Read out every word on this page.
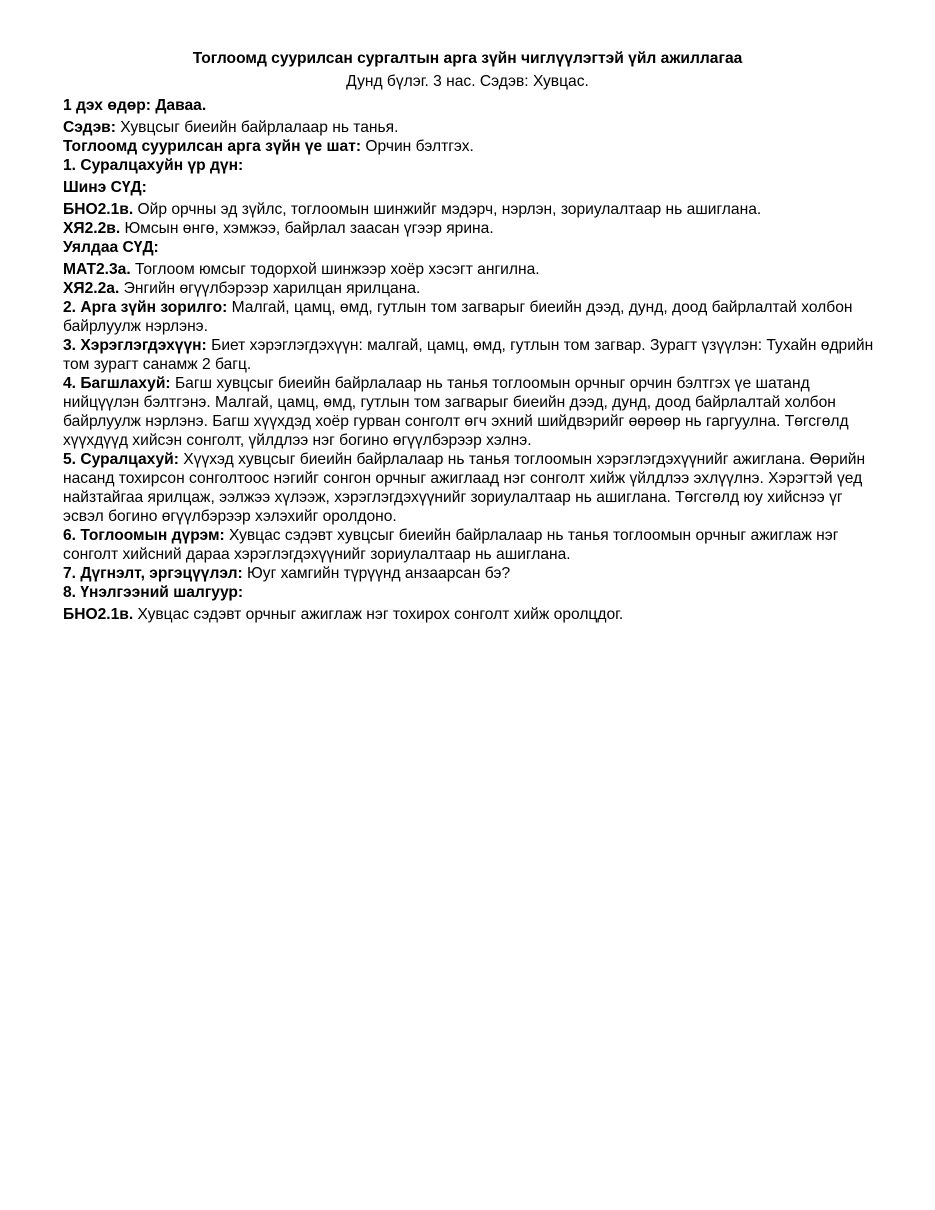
Тоглоомд суурилсан сургалтын арга зүйн чиглүүлэгтэй үйл ажиллагаа
Дунд бүлэг. 3 нас. Сэдэв: Хувцас.

1 дэх өдөр: Даваа.

Сэдэв: Хувцсыг биеийн байрлалаар нь танья.

Тоглоомд суурилсан арга зүйн үе шат: Орчин бэлтгэх.

1. Суралцахуйн үр дүн:

Шинэ СҮД:

БНО2.1в. Ойр орчны эд зүйлс, тоглоомын шинжийг мэдэрч, нэрлэн, зориулалтаар нь ашиглана.

ХЯ2.2в. Юмсын өнгө, хэмжээ, байрлал заасан үгээр ярина.

Уялдаа СҮД:

МАТ2.3а. Тоглоом юмсыг тодорхой шинжээр хоёр хэсэгт ангилна.

ХЯ2.2а. Энгийн өгүүлбэрээр харилцан ярилцана.

2. Арга зүйн зорилго: Малгай, цамц, өмд, гутлын том загварыг биеийн дээд, дунд, доод байрлалтай холбон байрлуулж нэрлэнэ.

3. Хэрэглэгдэхүүн: Биет хэрэглэгдэхүүн: малгай, цамц, өмд, гутлын том загвар. Зурагт үзүүлэн: Тухайн өдрийн том зурагт санамж 2 багц.

4. Багшлахуй: Багш хувцсыг биеийн байрлалаар нь танья тоглоомын орчныг орчин бэлтгэх үе шатанд нийцүүлэн бэлтгэнэ. Малгай, цамц, өмд, гутлын том загварыг биеийн дээд, дунд, доод байрлалтай холбон байрлуулж нэрлэнэ. Багш хүүхдэд хоёр гурван сонголт өгч эхний шийдвэрийг өөрөөр нь гаргуулна. Төгсгөлд хүүхдүүд хийсэн сонголт, үйлдлээ нэг богино өгүүлбэрээр хэлнэ.

5. Суралцахуй: Хүүхэд хувцсыг биеийн байрлалаар нь танья тоглоомын хэрэглэгдэхүүнийг ажиглана. Өөрийн насанд тохирсон сонголтоос нэгийг сонгон орчныг ажиглаад нэг сонголт хийж үйлдлээ эхлүүлнэ. Хэрэгтэй үед найзтайгаа ярилцаж, ээлжээ хүлээж, хэрэглэгдэхүүнийг зориулалтаар нь ашиглана. Төгсгөлд юу хийснээ үг эсвэл богино өгүүлбэрээр хэлэхийг оролдоно.

6. Тоглоомын дүрэм: Хувцас сэдэвт хувцсыг биеийн байрлалаар нь танья тоглоомын орчныг ажиглаж нэг сонголт хийсний дараа хэрэглэгдэхүүнийг зориулалтаар нь ашиглана.

7. Дүгнэлт, эргэцүүлэл: Юуг хамгийн түрүүнд анзаарсан бэ?

8. Үнэлгээний шалгуур:

БНО2.1в. Хувцас сэдэвт орчныг ажиглаж нэг тохирох сонголт хийж оролцдог.
